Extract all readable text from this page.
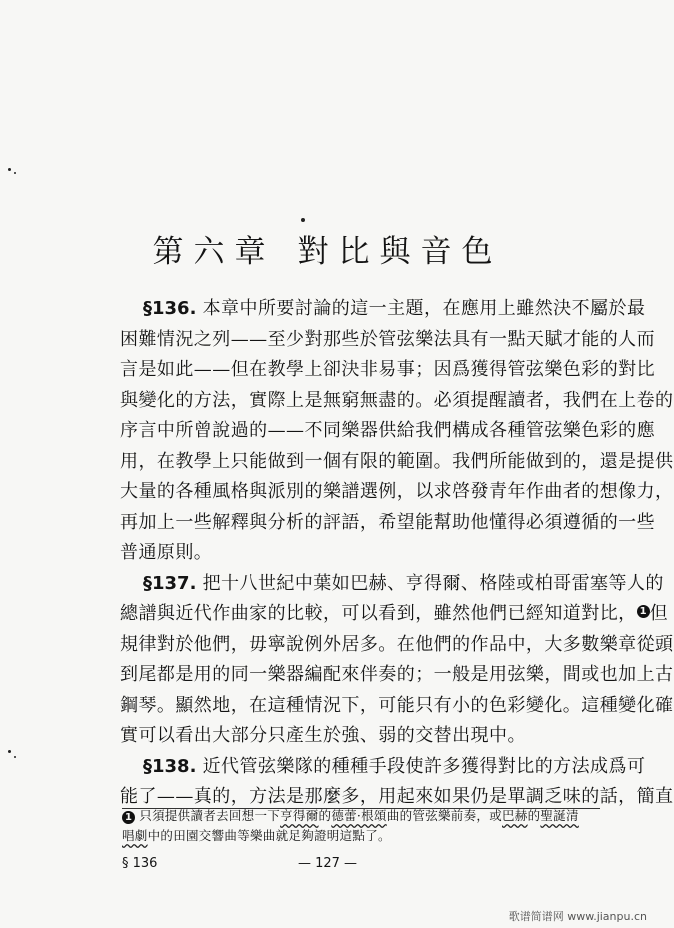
第六章 對比與音色
§136. 本章中所要討論的這一主題，在應用上雖然決不屬於最
困難情況之列——至少對那些於管弦樂法具有一點天賦才能的人而
言是如此——但在教學上卻決非易事；因爲獲得管弦樂色彩的對比
與變化的方法，實際上是無窮無盡的。必須提醒讀者，我們在上卷的
序言中所曾說過的——不同樂器供給我們構成各種管弦樂色彩的應
用，在教學上只能做到一個有限的範圍。我們所能做到的，還是提供
大量的各種風格與派別的樂譜選例，以求啓發青年作曲者的想像力，
再加上一些解釋與分析的評語，希望能幫助他懂得必須遵循的一些
普通原則。
§137. 把十八世紀中葉如巴赫、亨得爾、格陸或柏哥雷塞等人的
總譜與近代作曲家的比較，可以看到，雖然他們已經知道對比， 1 但
規律對於他們，毋寧說例外居多。在他們的作品中，大多數樂章從頭
到尾都是用的同一樂器編配來伴奏的；一般是用弦樂，間或也加上古
鋼琴。顯然地，在這種情況下，可能只有小的色彩變化。這種變化確
實可以看出大部分只產生於強、弱的交替出現中。
1 只須提供讀者去回想一下亨得爾的德蕾·根頌曲的管弦樂前奏，或巴赫的聖誕清
唱劇中的田園交響曲等樂曲就足夠證明這點了。
§ 136	— 127 —
歌谱简谱网 www.jianpu.cn
§138. 近代管弦樂隊的種種手段使許多獲得對比的方法成爲可
能了——真的，方法是那麼多，用起來如果仍是單調乏味的話，簡直
